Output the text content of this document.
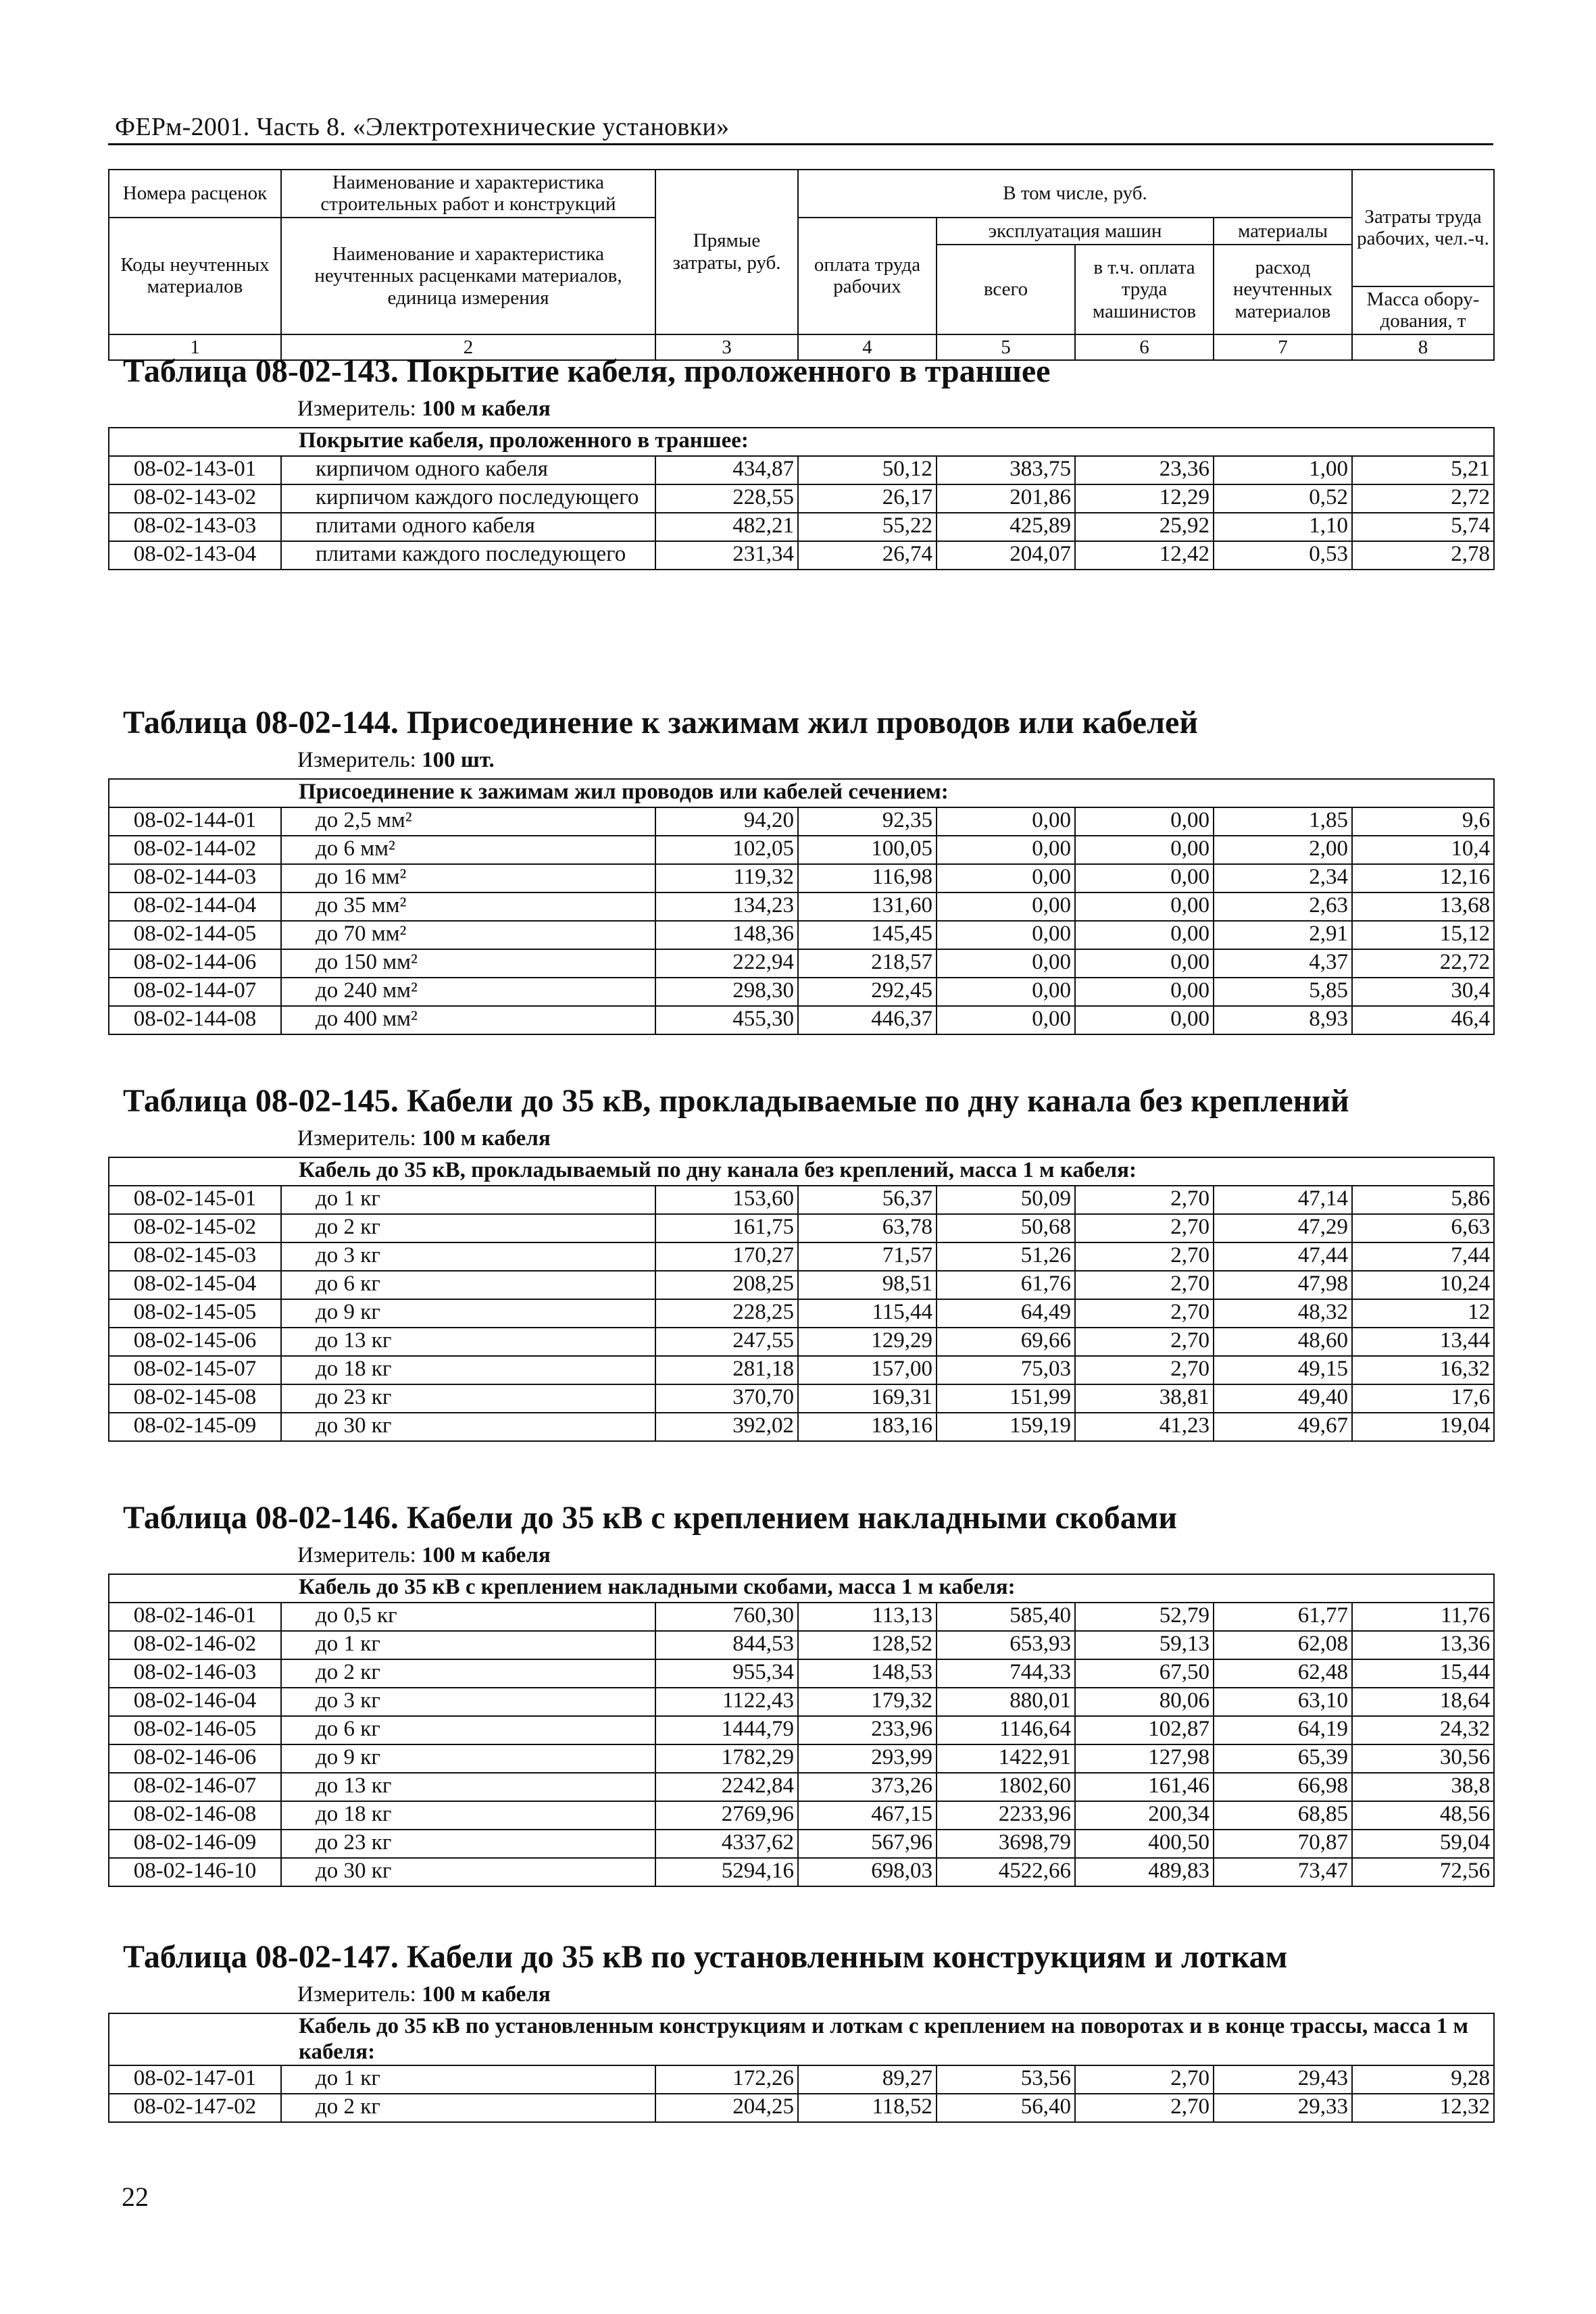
ФЕРм-2001. Часть 8. «Электротехнические установки»
Номера расценок	Наименование и характеристика строительных работ и конструкций	Прямые затраты, руб.	В том числе, руб.				Затраты труда рабочих, чел.-ч.
Коды неучтенных материалов	Наименование и характеристика неучтенных расценками материалов, единица измерения		оплата труда рабочих	эксплуатация машин		материалы	
				всего	в т.ч. оплата труда машинистов	расход неучтенных материалов	
							Масса обору- дования, т
1	2	3	4	5	6	7	8
Таблица 08-02-143. Покрытие кабеля, проложенного в траншее
Измеритель: 100 м кабеля
Покрытие кабеля, проложенного в траншее:							
08-02-143-01	кирпичом одного кабеля	434,87	50,12	383,75	23,36	1,00	5,21
08-02-143-02	кирпичом каждого последующего	228,55	26,17	201,86	12,29	0,52	2,72
08-02-143-03	плитами одного кабеля	482,21	55,22	425,89	25,92	1,10	5,74
08-02-143-04	плитами каждого последующего	231,34	26,74	204,07	12,42	0,53	2,78
Таблица 08-02-144. Присоединение к зажимам жил проводов или кабелей
Измеритель: 100 шт.
Присоединение к зажимам жил проводов или кабелей сечением:							
08-02-144-01	до 2,5 мм²	94,20	92,35	0,00	0,00	1,85	9,6
08-02-144-02	до 6 мм²	102,05	100,05	0,00	0,00	2,00	10,4
08-02-144-03	до 16 мм²	119,32	116,98	0,00	0,00	2,34	12,16
08-02-144-04	до 35 мм²	134,23	131,60	0,00	0,00	2,63	13,68
08-02-144-05	до 70 мм²	148,36	145,45	0,00	0,00	2,91	15,12
08-02-144-06	до 150 мм²	222,94	218,57	0,00	0,00	4,37	22,72
08-02-144-07	до 240 мм²	298,30	292,45	0,00	0,00	5,85	30,4
08-02-144-08	до 400 мм²	455,30	446,37	0,00	0,00	8,93	46,4
Таблица 08-02-145. Кабели до 35 кВ, прокладываемые по дну канала без креплений
Измеритель: 100 м кабеля
Кабель до 35 кВ, прокладываемый по дну канала без креплений, масса 1 м кабеля:							
08-02-145-01	до 1 кг	153,60	56,37	50,09	2,70	47,14	5,86
08-02-145-02	до 2 кг	161,75	63,78	50,68	2,70	47,29	6,63
08-02-145-03	до 3 кг	170,27	71,57	51,26	2,70	47,44	7,44
08-02-145-04	до 6 кг	208,25	98,51	61,76	2,70	47,98	10,24
08-02-145-05	до 9 кг	228,25	115,44	64,49	2,70	48,32	12
08-02-145-06	до 13 кг	247,55	129,29	69,66	2,70	48,60	13,44
08-02-145-07	до 18 кг	281,18	157,00	75,03	2,70	49,15	16,32
08-02-145-08	до 23 кг	370,70	169,31	151,99	38,81	49,40	17,6
08-02-145-09	до 30 кг	392,02	183,16	159,19	41,23	49,67	19,04
Таблица 08-02-146. Кабели до 35 кВ с креплением накладными скобами
Измеритель: 100 м кабеля
Кабель до 35 кВ с креплением накладными скобами, масса 1 м кабеля:							
08-02-146-01	до 0,5 кг	760,30	113,13	585,40	52,79	61,77	11,76
08-02-146-02	до 1 кг	844,53	128,52	653,93	59,13	62,08	13,36
08-02-146-03	до 2 кг	955,34	148,53	744,33	67,50	62,48	15,44
08-02-146-04	до 3 кг	1122,43	179,32	880,01	80,06	63,10	18,64
08-02-146-05	до 6 кг	1444,79	233,96	1146,64	102,87	64,19	24,32
08-02-146-06	до 9 кг	1782,29	293,99	1422,91	127,98	65,39	30,56
08-02-146-07	до 13 кг	2242,84	373,26	1802,60	161,46	66,98	38,8
08-02-146-08	до 18 кг	2769,96	467,15	2233,96	200,34	68,85	48,56
08-02-146-09	до 23 кг	4337,62	567,96	3698,79	400,50	70,87	59,04
08-02-146-10	до 30 кг	5294,16	698,03	4522,66	489,83	73,47	72,56
Таблица 08-02-147. Кабели до 35 кВ по установленным конструкциям и лоткам
Измеритель: 100 м кабеля
Кабель до 35 кВ по установленным конструкциям и лоткам с креплением на поворотах и в конце трассы, масса 1 м кабеля:							
08-02-147-01	до 1 кг	172,26	89,27	53,56	2,70	29,43	9,28
08-02-147-02	до 2 кг	204,25	118,52	56,40	2,70	29,33	12,32
22
